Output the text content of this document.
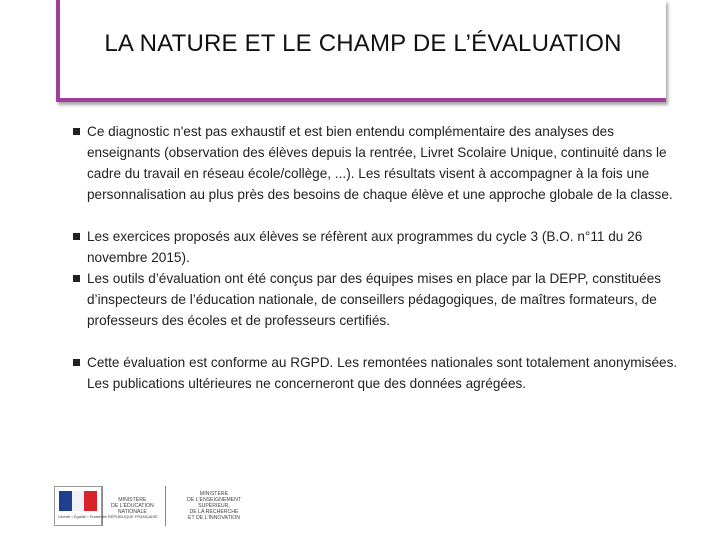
LA NATURE ET LE CHAMP DE L’ÉVALUATION
Ce diagnostic n'est pas exhaustif et est bien entendu complémentaire des analyses des enseignants (observation des élèves depuis la rentrée, Livret Scolaire Unique, continuité dans le cadre du travail en réseau école/collège, ...). Les résultats visent à accompagner à la fois une personnalisation au plus près des besoins de chaque élève et une approche globale de la classe.
Les exercices proposés aux élèves se réfèrent aux programmes du cycle 3 (B.O. n°11 du 26 novembre 2015).
Les outils d’évaluation ont été conçus par des équipes mises en place par la DEPP, constituées d’inspecteurs de l’éducation nationale, de conseillers pédagogiques, de maîtres formateurs, de professeurs des écoles et de professeurs certifiés.
Cette évaluation est conforme au RGPD. Les remontées nationales sont totalement anonymisées. Les publications ultérieures ne concerneront que des données agrégées.
Liberté • Égalité • Fraternité RÉPUBLIQUE FRANÇAISE
MINISTÈRE
DE L'ÉDUCATION
NATIONALE
MINISTÈRE
DE L'ENSEIGNEMENT SUPÉRIEUR,
DE LA RECHERCHE
ET DE L'INNOVATION
